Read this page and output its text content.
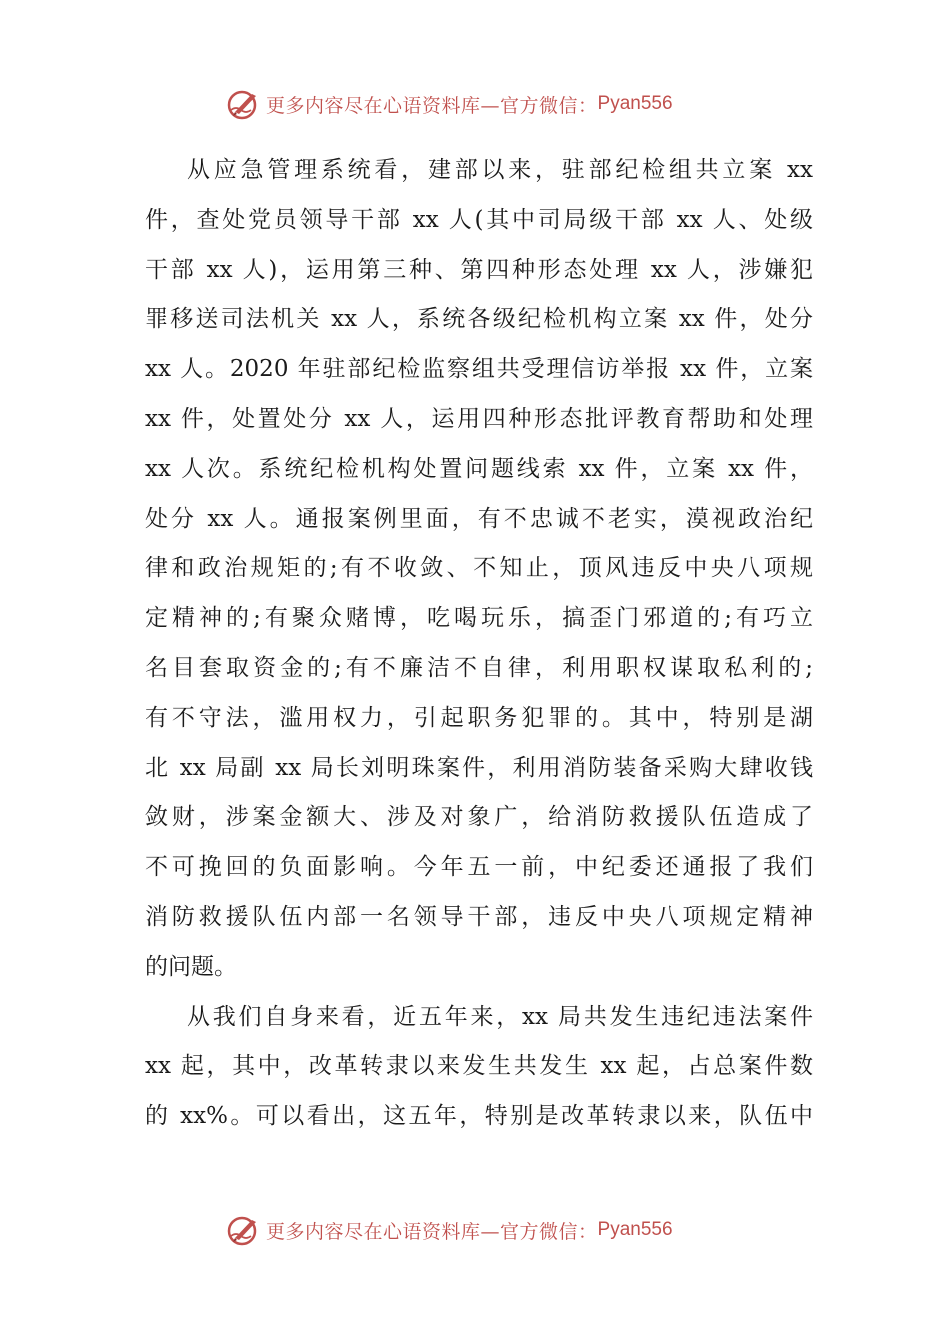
更多内容尽在心语资料库—官方微信： Pyan556
从应急管理系统看，建部以来，驻部纪检组共立案 xx
件，查处党员领导干部 xx 人(其中司局级干部 xx 人、处级
干部 xx 人)，运用第三种、第四种形态处理 xx 人，涉嫌犯
罪移送司法机关 xx 人，系统各级纪检机构立案 xx 件，处分
xx 人。2020 年驻部纪检监察组共受理信访举报 xx 件，立案
xx 件，处置处分 xx 人，运用四种形态批评教育帮助和处理
xx 人次。系统纪检机构处置问题线索 xx 件，立案 xx 件，
处分 xx 人。通报案例里面，有不忠诚不老实，漠视政治纪
律和政治规矩的;有不收敛、不知止，顶风违反中央八项规
定精神的;有聚众赌博，吃喝玩乐，搞歪门邪道的;有巧立
名目套取资金的;有不廉洁不自律，利用职权谋取私利的;
有不守法，滥用权力，引起职务犯罪的。其中，特别是湖
北 xx 局副 xx 局长刘明珠案件，利用消防装备采购大肆收钱
敛财，涉案金额大、涉及对象广，给消防救援队伍造成了
不可挽回的负面影响。今年五一前，中纪委还通报了我们
消防救援队伍内部一名领导干部，违反中央八项规定精神
的问题。
从我们自身来看，近五年来，xx 局共发生违纪违法案件
xx 起，其中，改革转隶以来发生共发生 xx 起，占总案件数
的 xx%。可以看出，这五年，特别是改革转隶以来，队伍中
更多内容尽在心语资料库—官方微信： Pyan556
